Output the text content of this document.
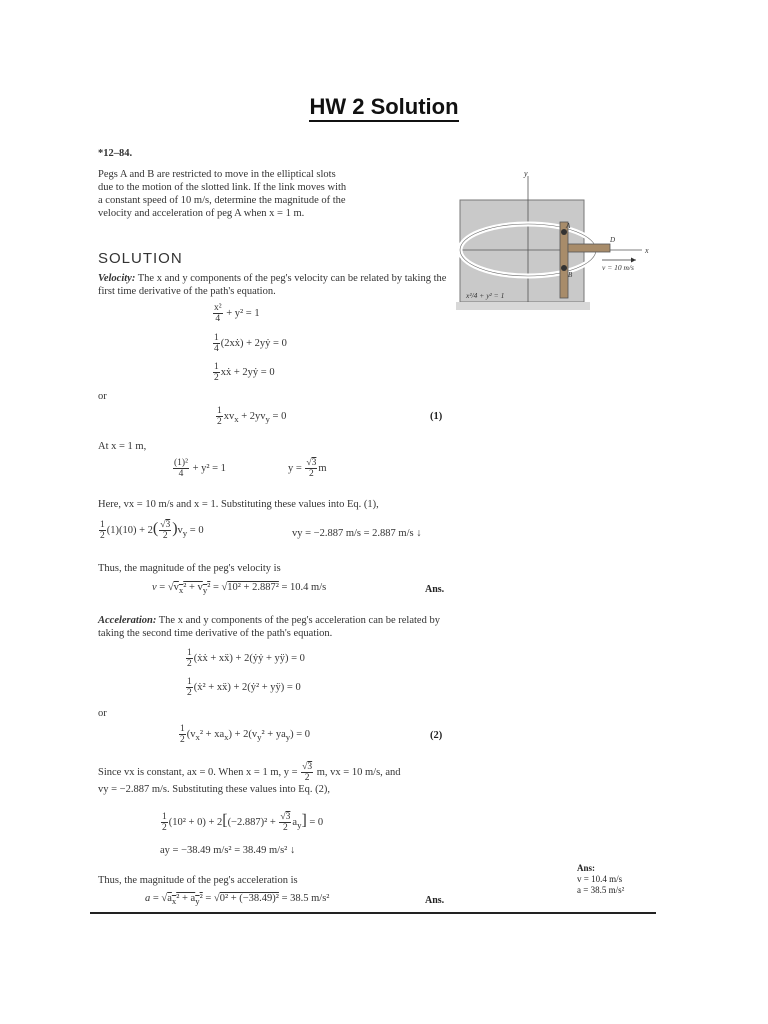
HW 2 Solution
*12–84.
Pegs A and B are restricted to move in the elliptical slots
due to the motion of the slotted link. If the link moves with
a constant speed of 10 m/s, determine the magnitude of the
velocity and acceleration of peg A when x = 1 m.
y
x
A
B
D
v = 10 m/s
x²/4 + y² = 1
SOLUTION
Velocity: The x and y components of the peg's velocity can be related by taking the
first time derivative of the path's equation.
$\frac{\text{x²}}{4} + y^2 = 1$
$\frac{1}{4}$ (2xẋ) + 2yẏ = 0
$\frac{1}{2}$ xẋ + 2yẏ = 0
or
$\frac{1}{2} xv_x + 2yv_y = 0$	(1)
At x = 1 m,
$\frac{\text{(1)²}}{4} + y^2 = 1$	$y = \frac{√3}{2}$ m
Here, vx = 10 m/s and x = 1. Substituting these values into Eq. (1),
$\frac{1}{2} (1)(10) + 2( \frac{√3}{2} )v_y = 0$	vy = −2.887 m/s = 2.887 m/s ↓
Thus, the magnitude of the peg's velocity is
$v = √v_x^2 + v_y^2 = √10^2 + 2.887^2 = 10.4$ m/s	Ans.
Acceleration: The x and y components of the peg's acceleration can be related by
taking the second time derivative of the path's equation.
$\frac{1}{2}$ (ẋẋ + xẍ) + 2(ẏẏ + yÿ) = 0
$\frac{1}{2}$ (ẋ² + xẍ) + 2(ẏ² + yÿ) = 0
or
$\frac{1}{2} (v_x^2 + xa_x) + 2(v_y^2 + ya_y) = 0$	(2)
Since vx is constant, ax = 0. When x = 1 m, $y = \frac{√3}{2} m$, vx = 10 m/s, and
vy = −2.887 m/s. Substituting these values into Eq. (2),
$\frac{1}{2} (10^2 + 0) + 2[(-2.887)^2 + \frac{√3}{2} a_y] = 0$
ay = −38.49 m/s² = 38.49 m/s² ↓
Thus, the magnitude of the peg's acceleration is
$a = √a_x^2 + a_y^2 = √0^2 + (-38.49)^2 = 38.5$ m/s²	Ans.
Ans:
v = 10.4 m/s
a = 38.5 m/s²
